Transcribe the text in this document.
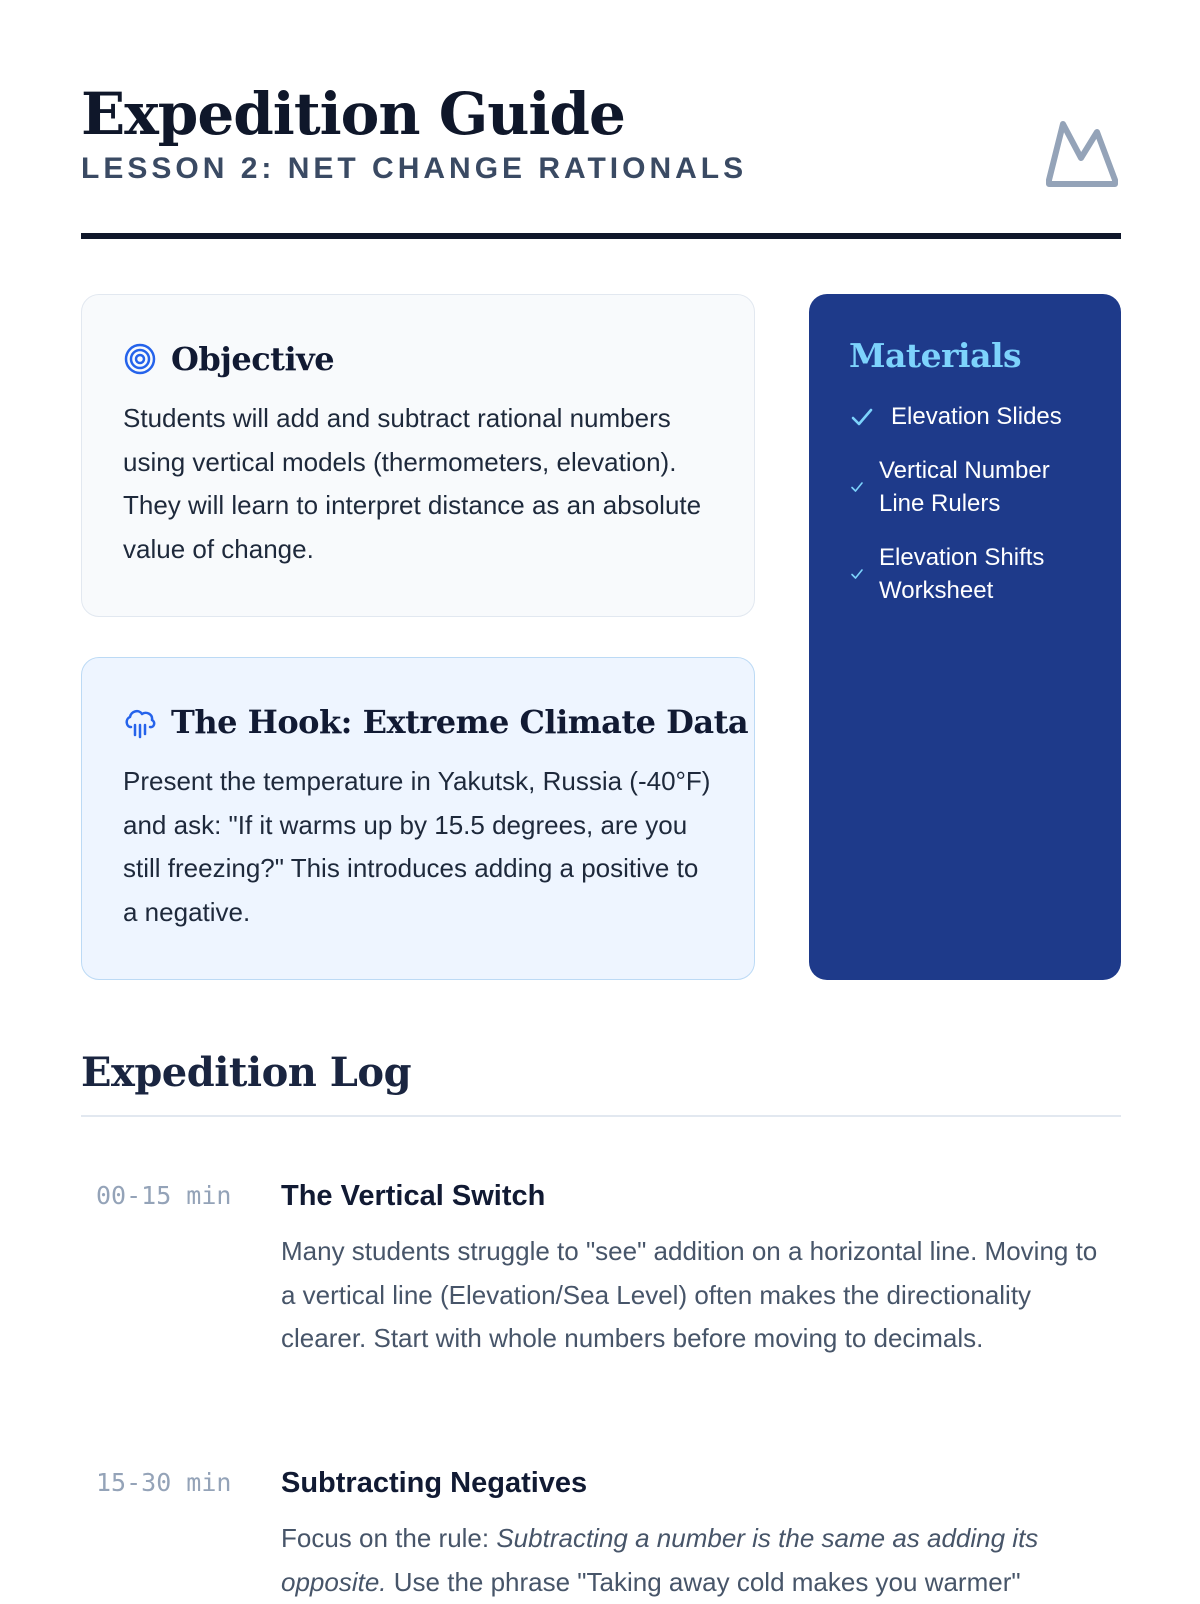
Expedition Guide
LESSON 2: NET CHANGE RATIONALS
Objective
Students will add and subtract rational numbers using vertical models (thermometers, elevation). They will learn to interpret distance as an absolute value of change.
The Hook: Extreme Climate Data
Present the temperature in Yakutsk, Russia (-40°F) and ask: "If it warms up by 15.5 degrees, are you still freezing?" This introduces adding a positive to a negative.
Materials
Elevation Slides
Vertical Number Line Rulers
Elevation Shifts Worksheet
Expedition Log
00-15 min The Vertical Switch
Many students struggle to "see" addition on a horizontal line. Moving to a vertical line (Elevation/Sea Level) often makes the directionality clearer. Start with whole numbers before moving to decimals.
15-30 min Subtracting Negatives
Focus on the rule: Subtracting a number is the same as adding its opposite. Use the phrase "Taking away cold makes you warmer"
